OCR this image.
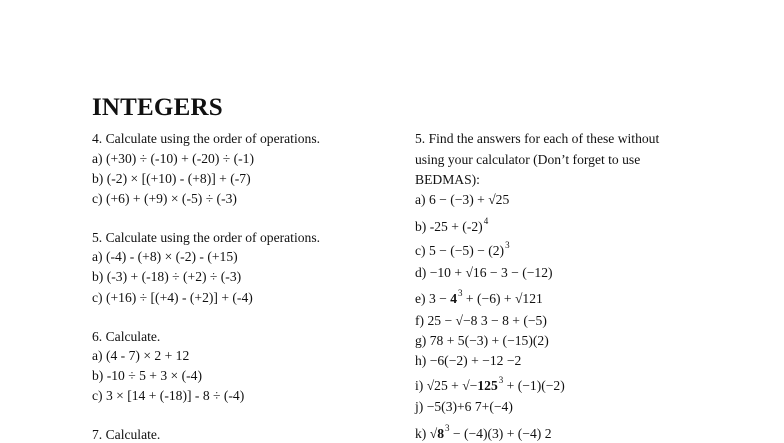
INTEGERS
4. Calculate using the order of operations.
a) (+30) ÷ (-10) + (-20) ÷ (-1)
b) (-2) × [(+10) - (+8)] + (-7)
c) (+6) + (+9) × (-5) ÷ (-3)
5. Calculate using the order of operations.
a) (-4) - (+8) × (-2) - (+15)
b) (-3) + (-18) ÷ (+2) ÷ (-3)
c) (+16) ÷ [(+4) - (+2)] + (-4)
6. Calculate.
a) (4 - 7) × 2 + 12
b) -10 ÷ 5 + 3 × (-4)
c) 3 × [14 + (-18)] - 8 ÷ (-4)
7. Calculate.
5. Find the answers for each of these without
using your calculator (Don’t forget to use
BEDMAS):
a) 6 − (−3) + √25
b) $-25 + (-2)^4$
c) $5 - (-5) - (2)^3$
d) −10 + √16 − 3 − (−12)
e) $3 - 4^3 + (-6) + √121$
f) 25 − √−8 3 − 8 + (−5)
g) 78 + 5(−3) + (−15)(2)
h) −6(−2) + −12 −2
i) $√25 + √-125^3 + (-1)(-2)$
j) −5(3)+6 7+(−4)
k) $√8^3 - (-4)(3) + (-4)$ 2
